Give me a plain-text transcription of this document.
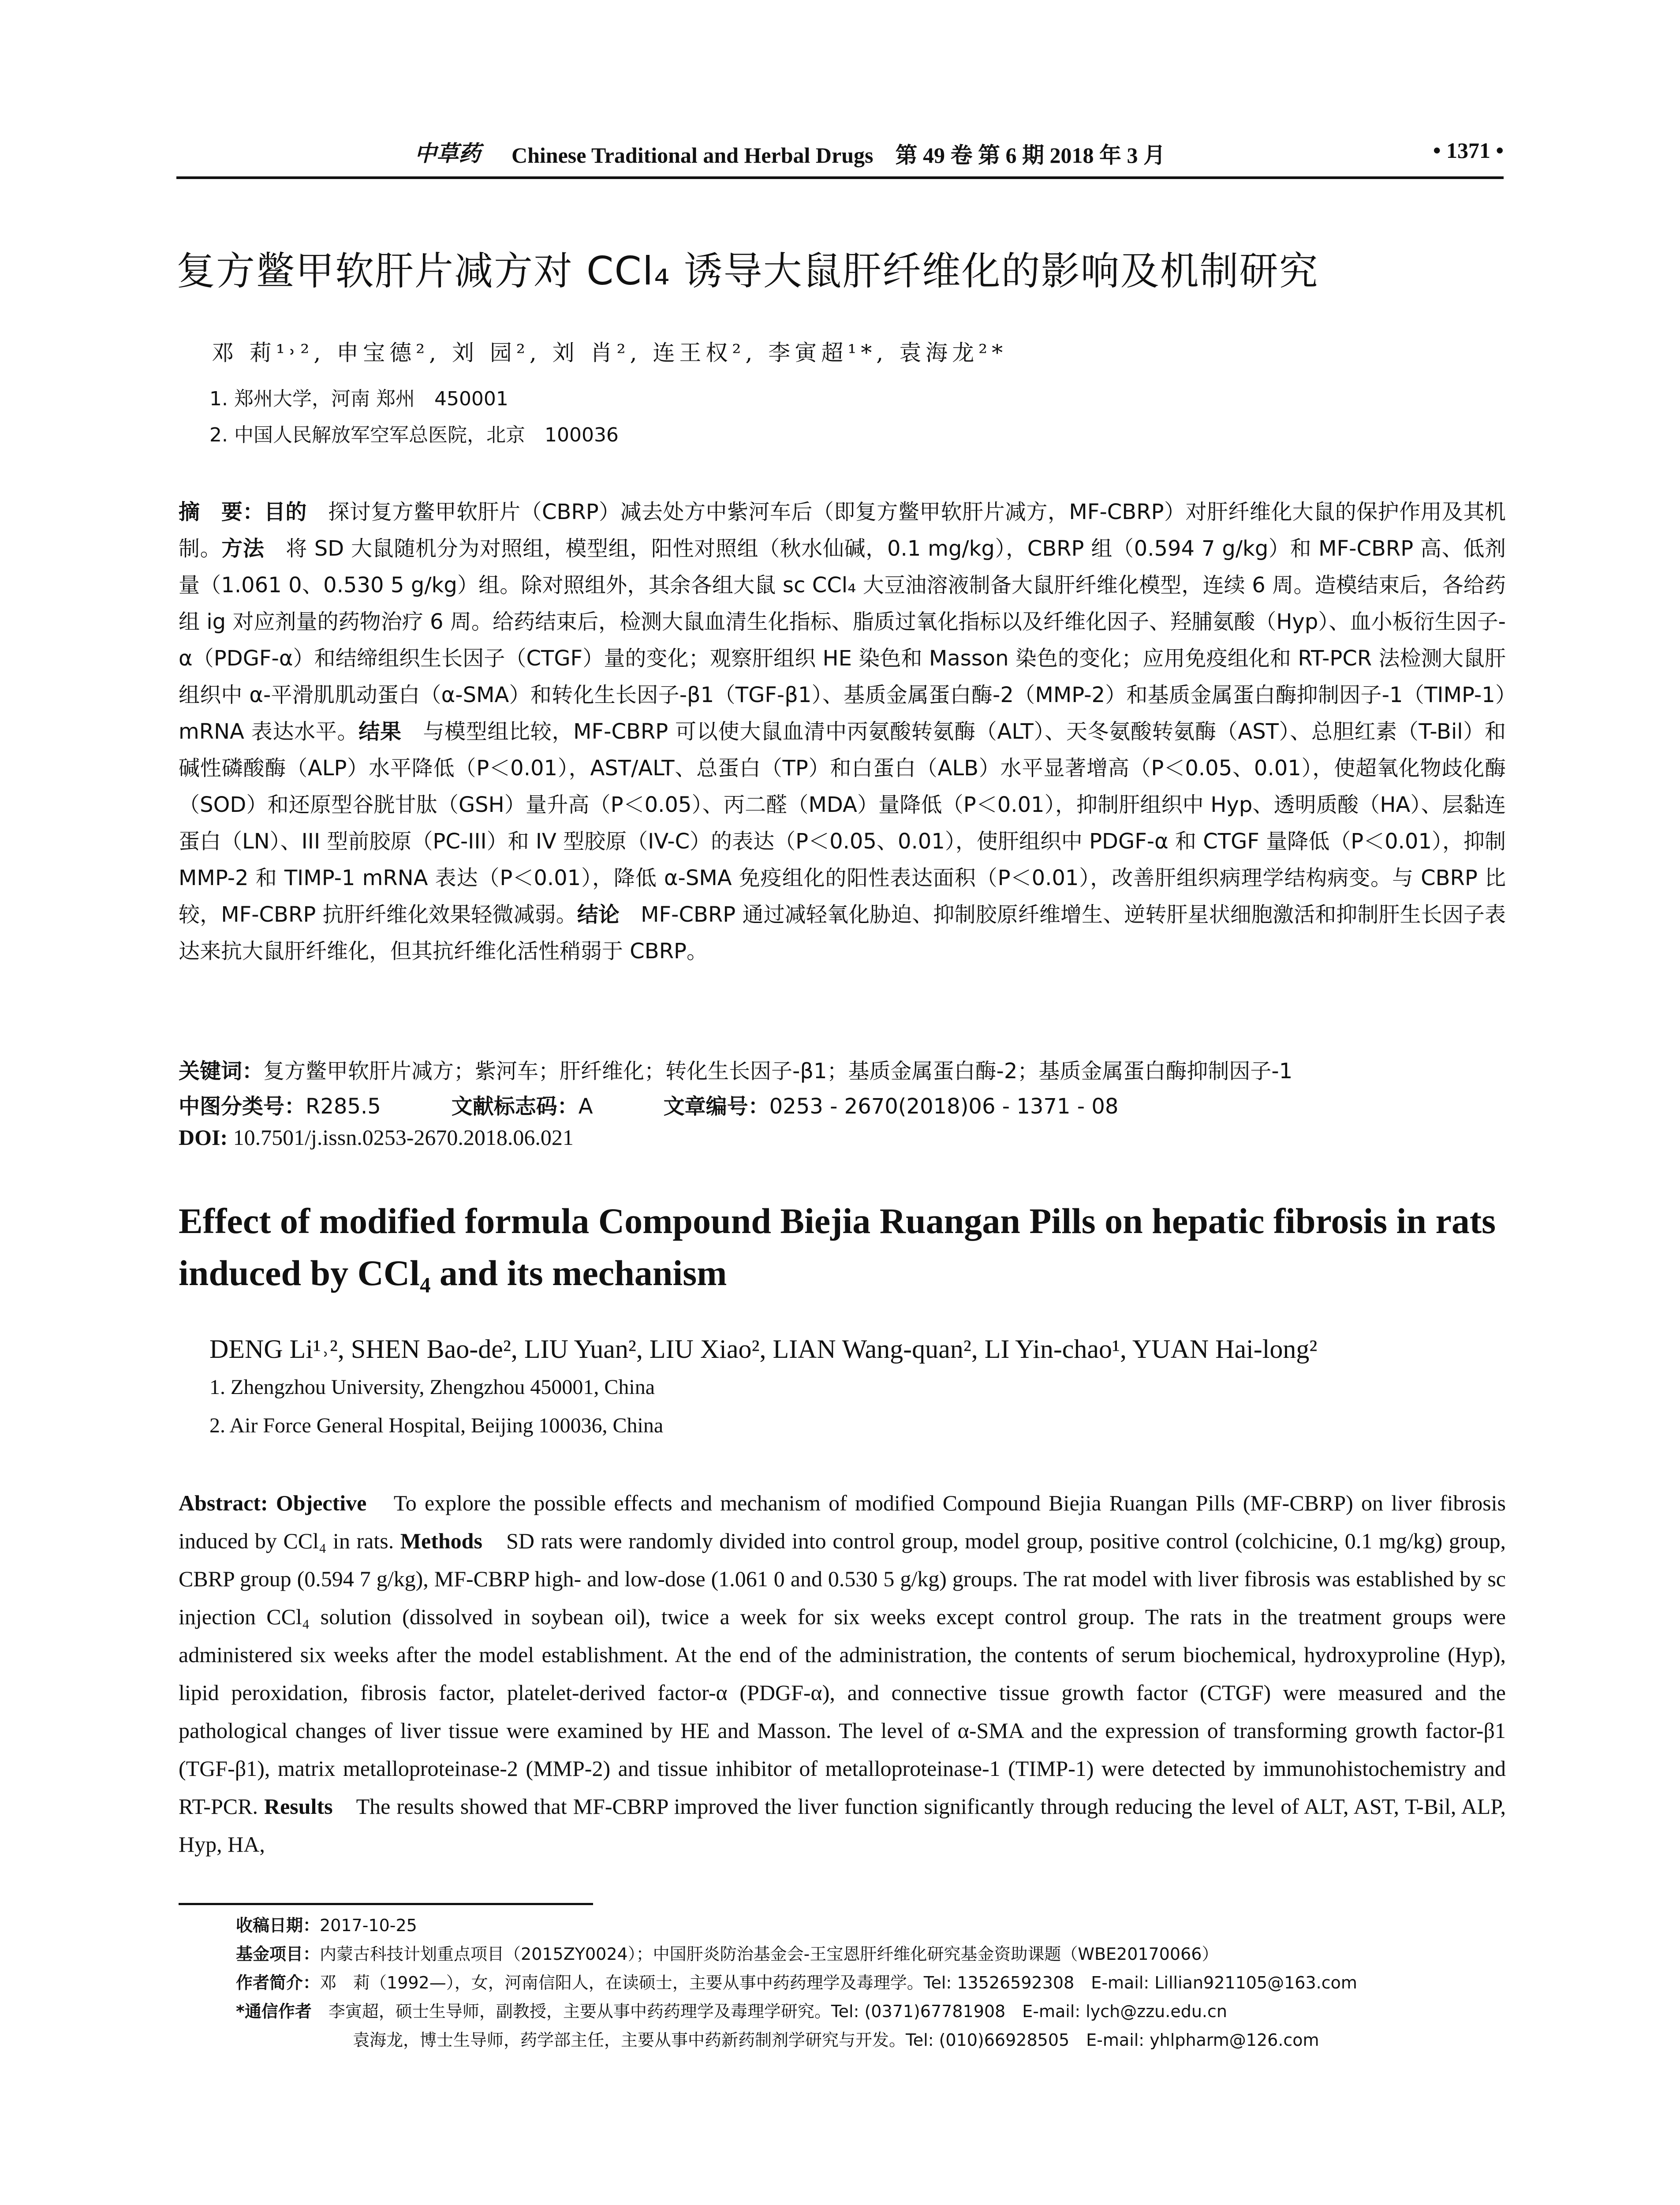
中草药 Chinese Traditional and Herbal Drugs　第 49 卷 第 6 期 2018 年 3 月	• 1371 •
复方鳖甲软肝片减方对 CCl₄ 诱导大鼠肝纤维化的影响及机制研究
邓 莉¹˒², 申宝德², 刘 园², 刘 肖², 连王权², 李寅超¹*, 袁海龙²*
1. 郑州大学，河南 郑州　450001
2. 中国人民解放军空军总医院，北京　100036
摘　要：目的　探讨复方鳖甲软肝片（CBRP）减去处方中紫河车后（即复方鳖甲软肝片减方，MF-CBRP）对肝纤维化大鼠的保护作用及其机制。方法　将 SD 大鼠随机分为对照组，模型组，阳性对照组（秋水仙碱，0.1 mg/kg），CBRP 组（0.594 7 g/kg）和 MF-CBRP 高、低剂量（1.061 0、0.530 5 g/kg）组。除对照组外，其余各组大鼠 sc CCl₄ 大豆油溶液制备大鼠肝纤维化模型，连续 6 周。造模结束后，各给药组 ig 对应剂量的药物治疗 6 周。给药结束后，检测大鼠血清生化指标、脂质过氧化指标以及纤维化因子、羟脯氨酸（Hyp）、血小板衍生因子-α（PDGF-α）和结缔组织生长因子（CTGF）量的变化；观察肝组织 HE 染色和 Masson 染色的变化；应用免疫组化和 RT-PCR 法检测大鼠肝组织中 α-平滑肌肌动蛋白（α-SMA）和转化生长因子-β1（TGF-β1）、基质金属蛋白酶-2（MMP-2）和基质金属蛋白酶抑制因子-1（TIMP-1）mRNA 表达水平。结果　与模型组比较，MF-CBRP 可以使大鼠血清中丙氨酸转氨酶（ALT）、天冬氨酸转氨酶（AST）、总胆红素（T-Bil）和碱性磷酸酶（ALP）水平降低（P＜0.01），AST/ALT、总蛋白（TP）和白蛋白（ALB）水平显著增高（P＜0.05、0.01），使超氧化物歧化酶（SOD）和还原型谷胱甘肽（GSH）量升高（P＜0.05）、丙二醛（MDA）量降低（P＜0.01），抑制肝组织中 Hyp、透明质酸（HA）、层黏连蛋白（LN）、III 型前胶原（PC-III）和 IV 型胶原（IV-C）的表达（P＜0.05、0.01），使肝组织中 PDGF-α 和 CTGF 量降低（P＜0.01），抑制 MMP-2 和 TIMP-1 mRNA 表达（P＜0.01），降低 α-SMA 免疫组化的阳性表达面积（P＜0.01），改善肝组织病理学结构病变。与 CBRP 比较，MF-CBRP 抗肝纤维化效果轻微减弱。结论　MF-CBRP 通过减轻氧化胁迫、抑制胶原纤维增生、逆转肝星状细胞激活和抑制肝生长因子表达来抗大鼠肝纤维化，但其抗纤维化活性稍弱于 CBRP。
关键词：复方鳖甲软肝片减方；紫河车；肝纤维化；转化生长因子-β1；基质金属蛋白酶-2；基质金属蛋白酶抑制因子-1
中图分类号：R285.5	文献标志码：A	文章编号：0253 - 2670(2018)06 - 1371 - 08
DOI: 10.7501/j.issn.0253-2670.2018.06.021
Effect of modified formula Compound Biejia Ruangan Pills on hepatic fibrosis in rats induced by CCl₄ and its mechanism
DENG Li¹˒², SHEN Bao-de², LIU Yuan², LIU Xiao², LIAN Wang-quan², LI Yin-chao¹, YUAN Hai-long²
1. Zhengzhou University, Zhengzhou 450001, China
2. Air Force General Hospital, Beijing 100036, China
Abstract: Objective　To explore the possible effects and mechanism of modified Compound Biejia Ruangan Pills (MF-CBRP) on liver fibrosis induced by CCl₄ in rats. Methods　SD rats were randomly divided into control group, model group, positive control (colchicine, 0.1 mg/kg) group, CBRP group (0.594 7 g/kg), MF-CBRP high- and low-dose (1.061 0 and 0.530 5 g/kg) groups. The rat model with liver fibrosis was established by sc injection CCl₄ solution (dissolved in soybean oil), twice a week for six weeks except control group. The rats in the treatment groups were administered six weeks after the model establishment. At the end of the administration, the contents of serum biochemical, hydroxyproline (Hyp), lipid peroxidation, fibrosis factor, platelet-derived factor-α (PDGF-α), and connective tissue growth factor (CTGF) were measured and the pathological changes of liver tissue were examined by HE and Masson. The level of α-SMA and the expression of transforming growth factor-β1 (TGF-β1), matrix metalloproteinase-2 (MMP-2) and tissue inhibitor of metalloproteinase-1 (TIMP-1) were detected by immunohistochemistry and RT-PCR. Results　The results showed that MF-CBRP improved the liver function significantly through reducing the level of ALT, AST, T-Bil, ALP, Hyp, HA,
收稿日期：2017-10-25
基金项目：内蒙古科技计划重点项目（2015ZY0024）；中国肝炎防治基金会-王宝恩肝纤维化研究基金资助课题（WBE20170066）
作者简介：邓　莉（1992—），女，河南信阳人，在读硕士，主要从事中药药理学及毒理学。Tel: 13526592308　E-mail: Lillian921105@163.com
*通信作者　李寅超，硕士生导师，副教授，主要从事中药药理学及毒理学研究。Tel: (0371)67781908　E-mail: lych@zzu.edu.cn
袁海龙，博士生导师，药学部主任，主要从事中药新药制剂学研究与开发。Tel: (010)66928505　E-mail: yhlpharm@126.com
